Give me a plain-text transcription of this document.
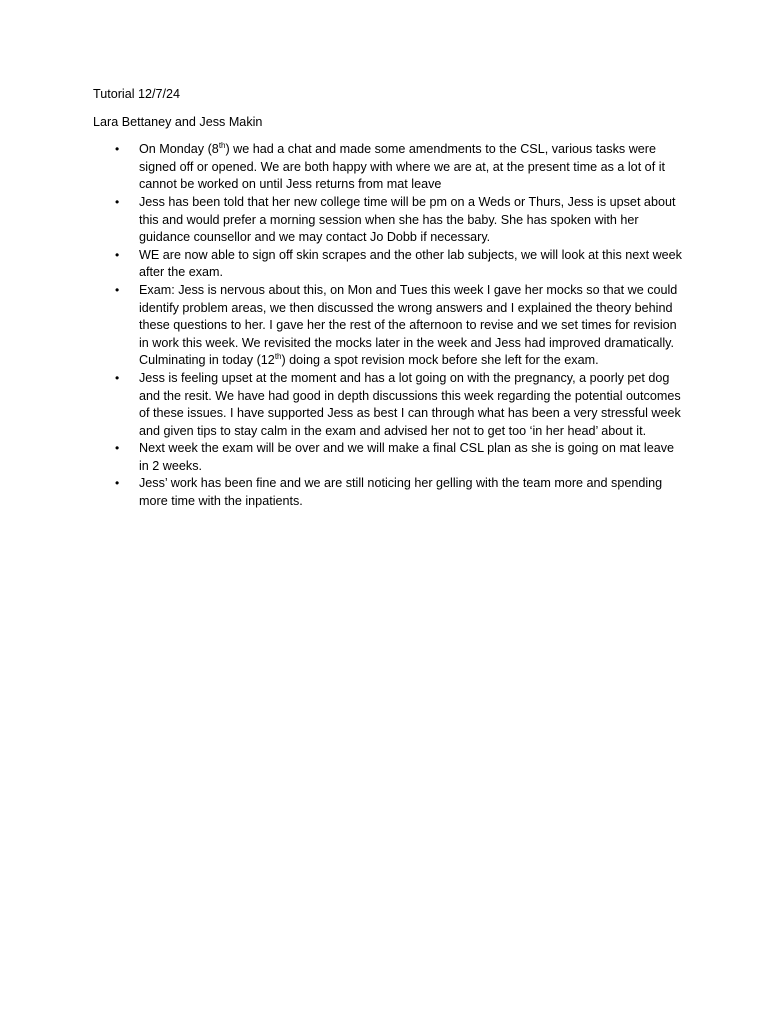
Tutorial 12/7/24

Lara Bettaney and Jess Makin

•	On Monday (8th) we had a chat and made some amendments to the CSL, various tasks were signed off or opened. We are both happy with where we are at, at the present time as a lot of it cannot be worked on until Jess returns from mat leave
•	Jess has been told that her new college time will be pm on a Weds or Thurs, Jess is upset about this and would prefer a morning session when she has the baby. She has spoken with her guidance counsellor and we may contact Jo Dobb if necessary.
•	WE are now able to sign off skin scrapes and the other lab subjects, we will look at this next week after the exam.
•	Exam: Jess is nervous about this, on Mon and Tues this week I gave her mocks so that we could identify problem areas, we then discussed the wrong answers and I explained the theory behind these questions to her. I gave her the rest of the afternoon to revise and we set times for revision in work this week. We revisited the mocks later in the week and Jess had improved dramatically. Culminating in today (12th) doing a spot revision mock before she left for the exam.
•	Jess is feeling upset at the moment and has a lot going on with the pregnancy, a poorly pet dog and the resit. We have had good in depth discussions this week regarding the potential outcomes of these issues. I have supported Jess as best I can through what has been a very stressful week and given tips to stay calm in the exam and advised her not to get too ‘in her head’ about it.
•	Next week the exam will be over and we will make a final CSL plan as she is going on mat leave in 2 weeks.
•	Jess’ work has been fine and we are still noticing her gelling with the team more and spending more time with the inpatients.
